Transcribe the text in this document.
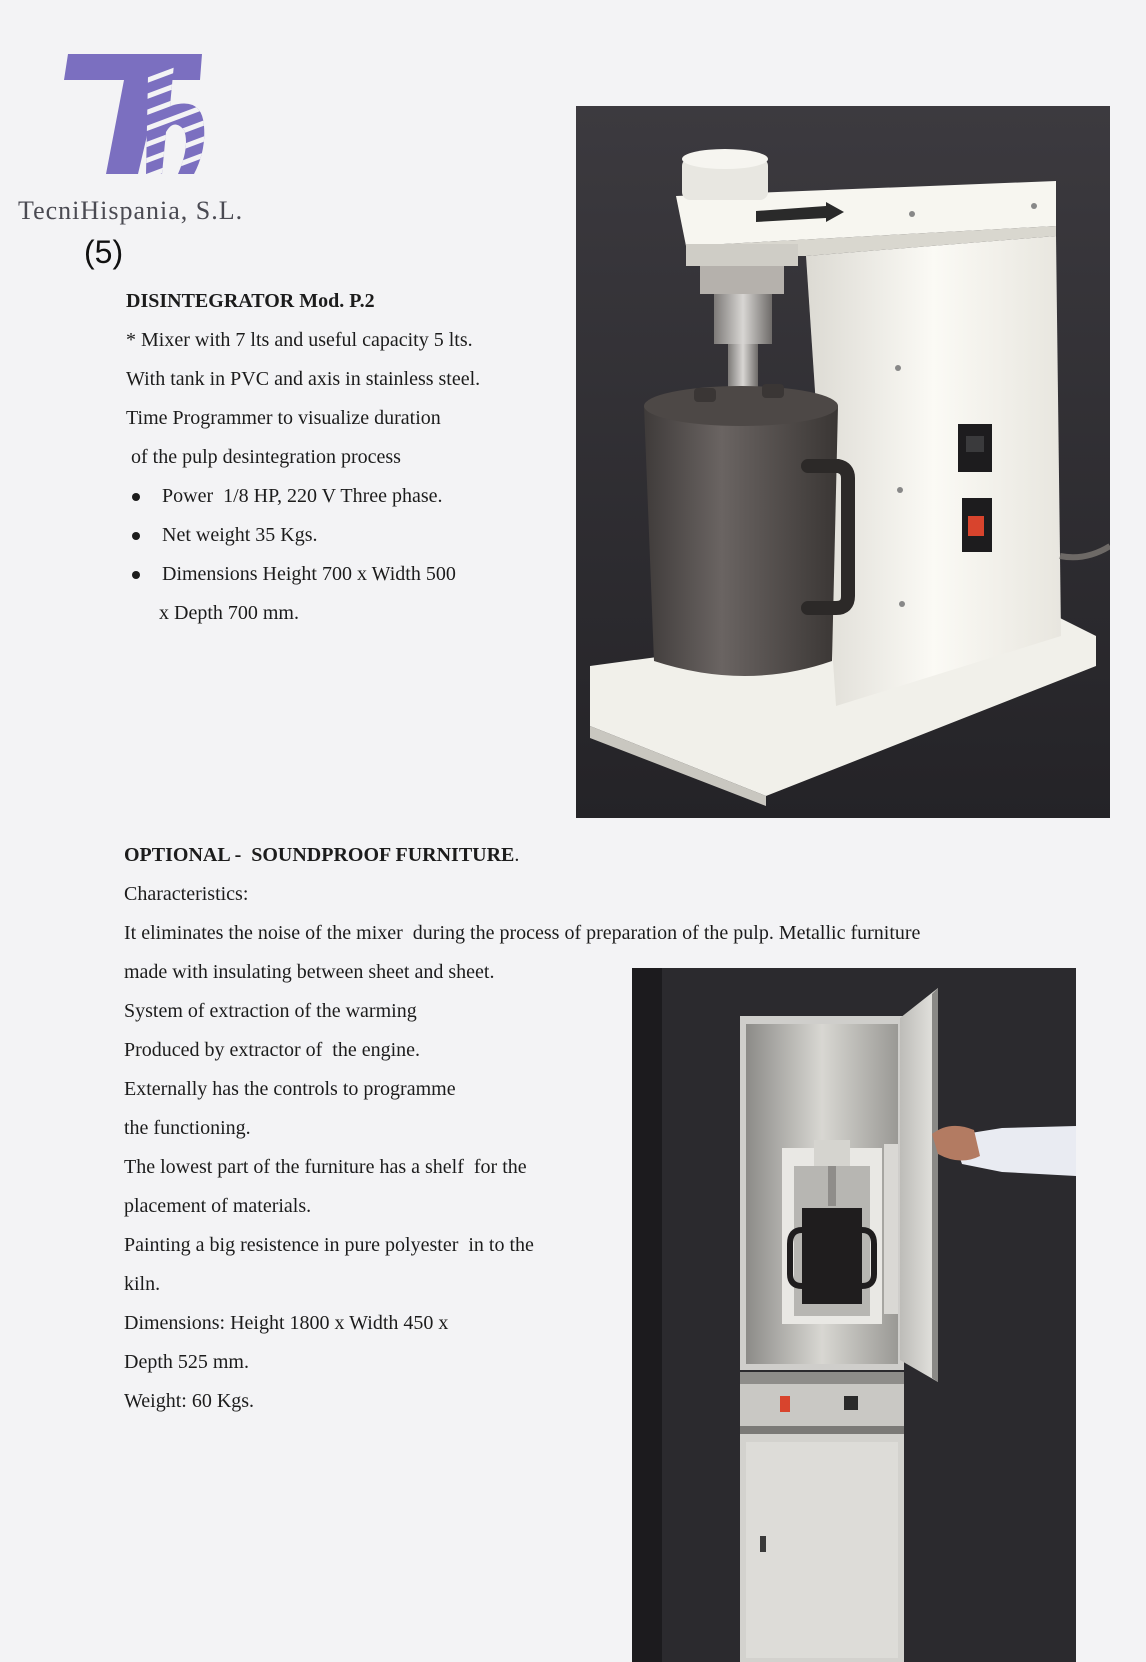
TecniHispania, S.L.
(5)
DISINTEGRATOR Mod. P.2
* Mixer with 7 lts and useful capacity 5 lts.
With tank in PVC and axis in stainless steel.
Time Programmer to visualize duration
of the pulp desintegration process
Power  1/8 HP, 220 V Three phase.
Net weight 35 Kgs.
Dimensions Height 700 x Width 500
x Depth 700 mm.
OPTIONAL -  SOUNDPROOF FURNITURE.
Characteristics:
It eliminates the noise of the mixer  during the process of preparation of the pulp. Metallic furniture
made with insulating between sheet and sheet.
System of extraction of the warming
Produced by extractor of  the engine.
Externally has the controls to programme
the functioning.
The lowest part of the furniture has a shelf  for the
placement of materials.
Painting a big resistence in pure polyester  in to the
kiln.
Dimensions: Height 1800 x Width 450 x
Depth 525 mm.
Weight: 60 Kgs.
